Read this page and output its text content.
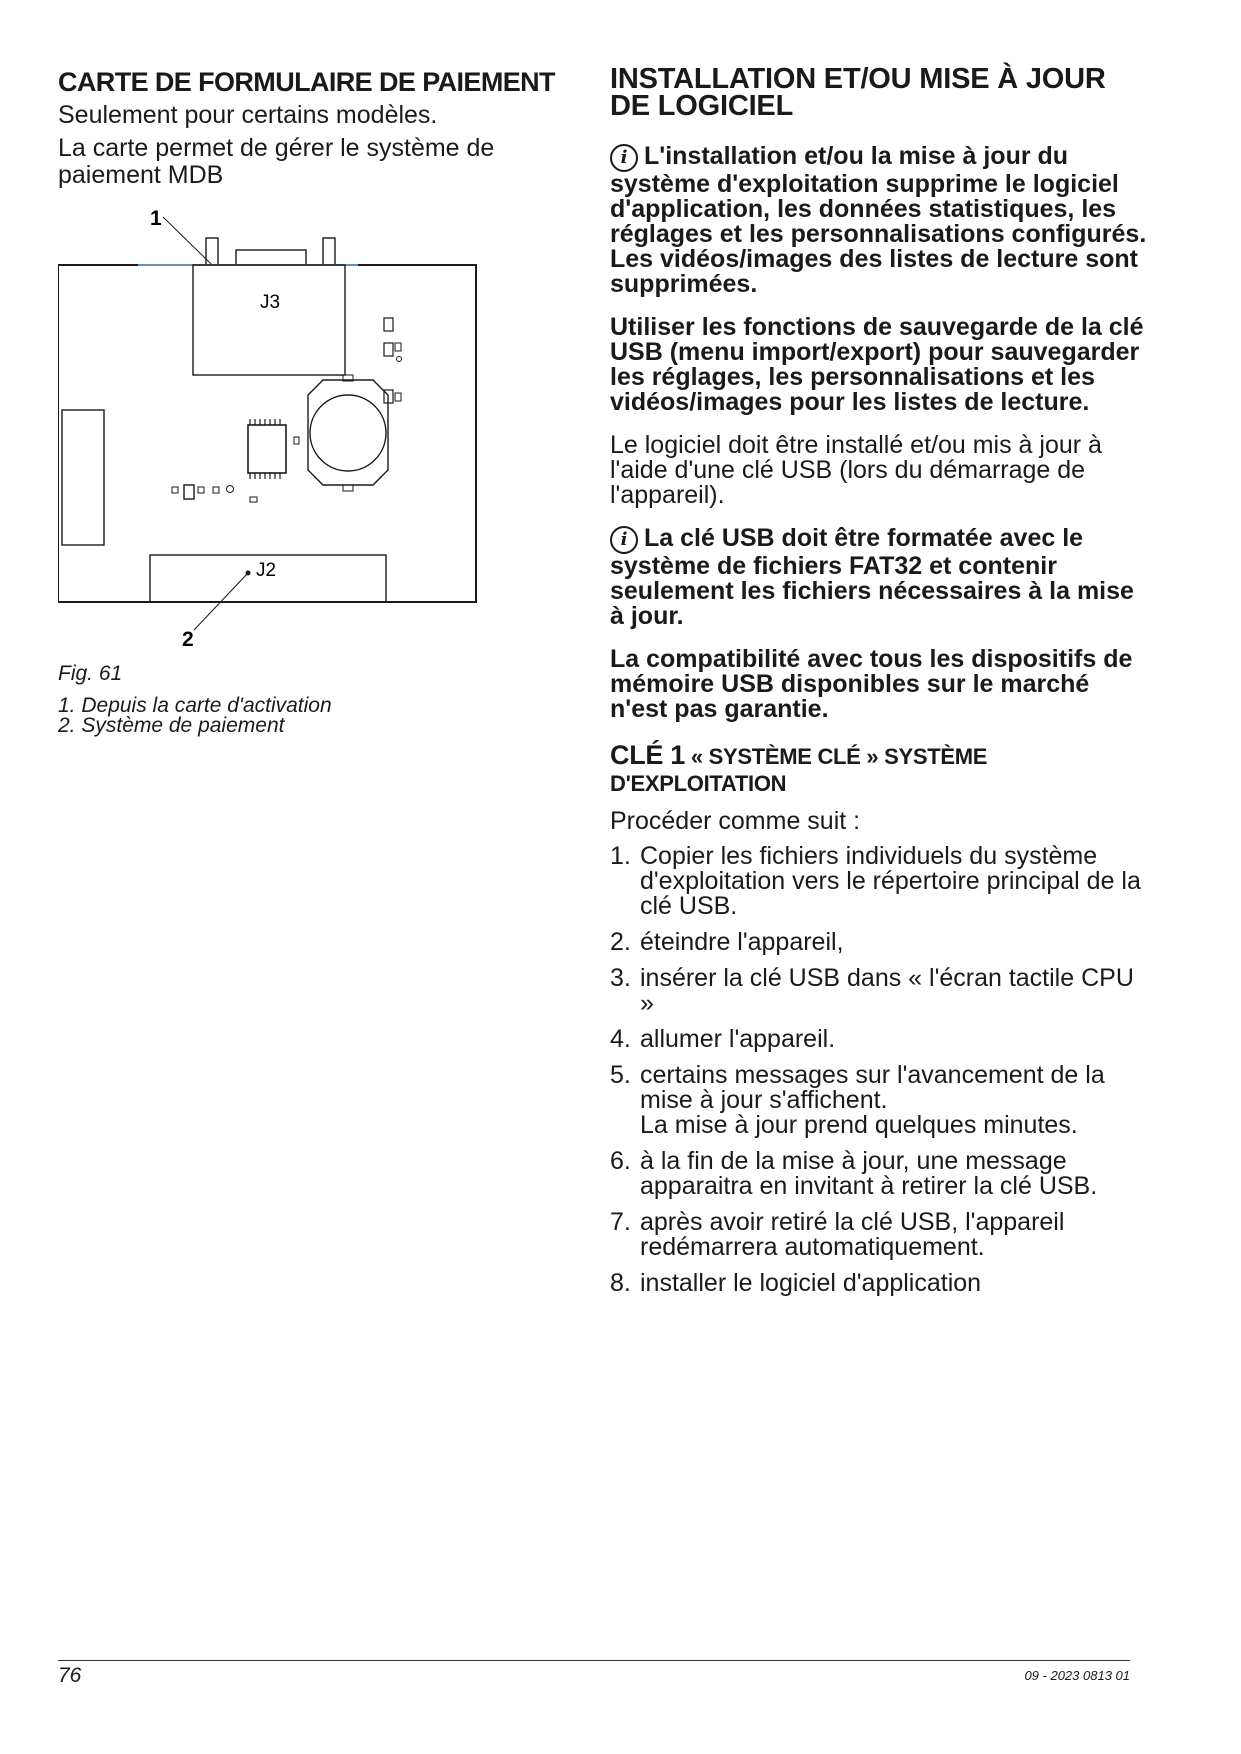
CARTE DE FORMULAIRE DE PAIEMENT

Seulement pour certains modèles.

La carte permet de gérer le système de paiement MDB

1
J3
J2
2
Fig. 61
1. Depuis la carte d'activation
2. Système de paiement
INSTALLATION ET/OU MISE À JOUR DE LOGICIEL
i L'installation et/ou la mise à jour du système d'exploitation supprime le logiciel d'application, les données statistiques, les réglages et les personnalisations configurés.
Les vidéos/images des listes de lecture sont supprimées.
Utiliser les fonctions de sauvegarde de la clé USB (menu import/export) pour sauvegarder les réglages, les personnalisations et les vidéos/images pour les listes de lecture.
Le logiciel doit être installé et/ou mis à jour à l'aide d'une clé USB (lors du démarrage de l'appareil).
i La clé USB doit être formatée avec le système de fichiers FAT32 et contenir seulement les fichiers nécessaires à la mise à jour.
La compatibilité avec tous les dispositifs de mémoire USB disponibles sur le marché n'est pas garantie.
CLÉ 1 « SYSTÈME CLÉ » SYSTÈME D'EXPLOITATION
Procéder comme suit :
1. Copier les fichiers individuels du système d'exploitation vers le répertoire principal de la clé USB.
2. éteindre l'appareil,
3. insérer la clé USB dans « l'écran tactile CPU »
4. allumer l'appareil.
5. certains messages sur l'avancement de la mise à jour s'affichent.
La mise à jour prend quelques minutes.
6. à la fin de la mise à jour, une message apparaitra en invitant à retirer la clé USB.
7. après avoir retiré la clé USB, l'appareil redémarrera automatiquement.
8. installer le logiciel d'application
76	09 - 2023 0813 01
